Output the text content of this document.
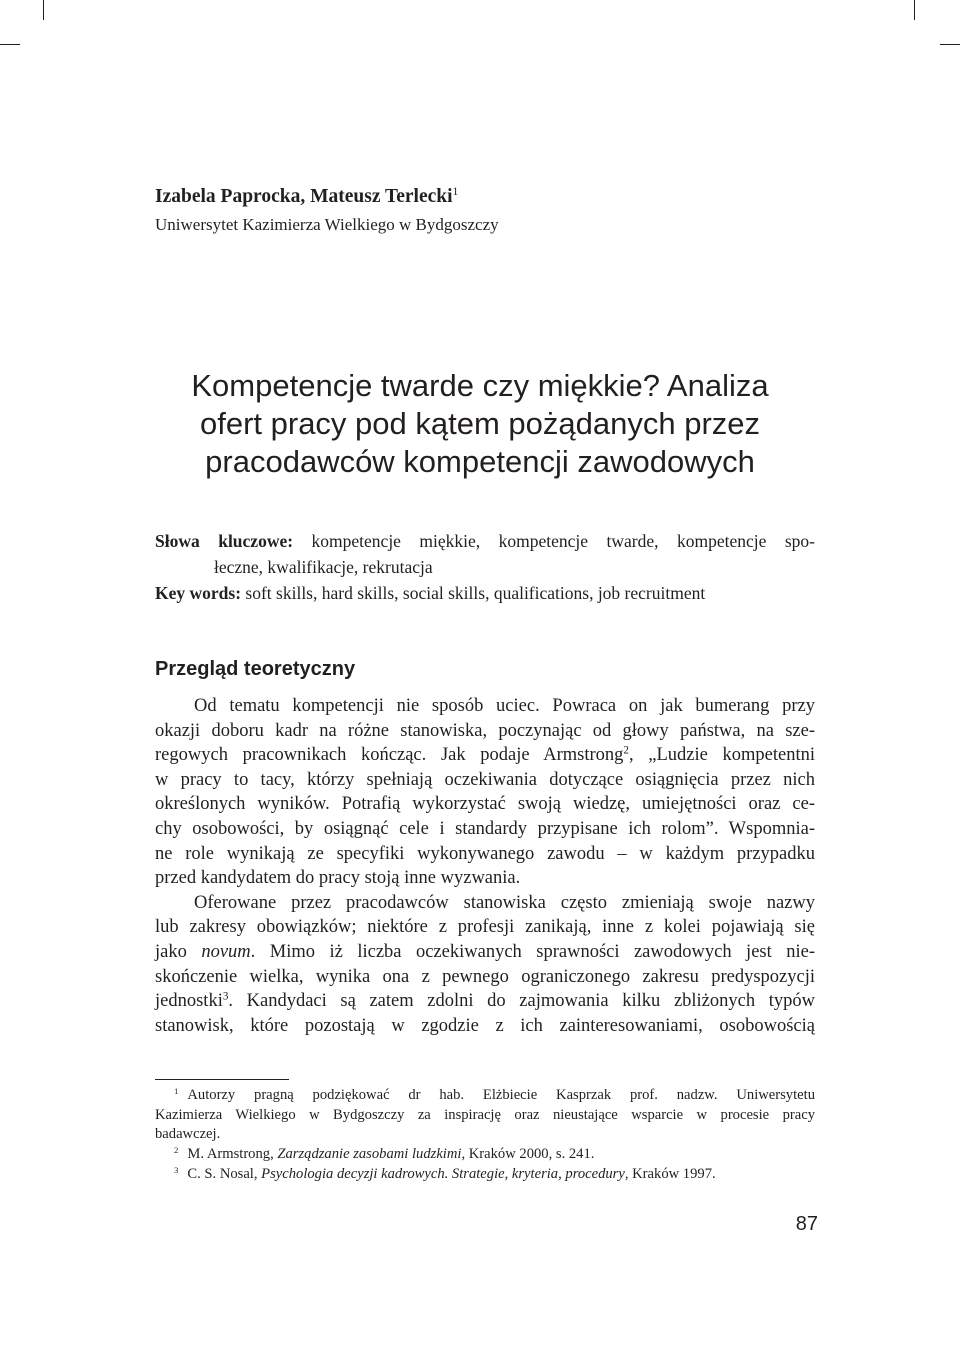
Izabela Paprocka, Mateusz Terlecki$^1$
Uniwersytet Kazimierza Wielkiego w Bydgoszczy
Kompetencje twarde czy miękkie? Analiza
ofert pracy pod kątem pożądanych przez
pracodawców kompetencji zawodowych
Słowa kluczowe: kompetencje miękkie, kompetencje twarde, kompetencje spo-
łeczne, kwalifikacje, rekrutacja
Key words: soft skills, hard skills, social skills, qualifications, job recruitment
Przegląd teoretyczny

Od tematu kompetencji nie sposób uciec. Powraca on jak bumerang przy
okazji doboru kadr na różne stanowiska, poczynając od głowy państwa, na sze-
regowych pracownikach kończąc. Jak podaje Armstrong$^2$, „Ludzie kompetentni
w pracy to tacy, którzy spełniają oczekiwania dotyczące osiągnięcia przez nich
określonych wyników. Potrafią wykorzystać swoją wiedzę, umiejętności oraz ce-
chy osobowości, by osiągnąć cele i standardy przypisane ich rolom”. Wspomnia-
ne role wynikają ze specyfiki wykonywanego zawodu – w każdym przypadku
przed kandydatem do pracy stoją inne wyzwania.

Oferowane przez pracodawców stanowiska często zmieniają swoje nazwy
lub zakresy obowiązków; niektóre z profesji zanikają, inne z kolei pojawiają się
jako novum. Mimo iż liczba oczekiwanych sprawności zawodowych jest nie-
skończenie wielka, wynika ona z pewnego ograniczonego zakresu predyspozycji
jednostki$^3$. Kandydaci są zatem zdolni do zajmowania kilku zbliżonych typów
stanowisk, które pozostają w zgodzie z ich zainteresowaniami, osobowością

$^1$ Autorzy pragną podziękować dr hab. Elżbiecie Kasprzak prof. nadzw. Uniwersytetu
Kazimierza Wielkiego w Bydgoszczy za inspirację oraz nieustające wsparcie w procesie pracy
badawczej.

$^2$ M. Armstrong, Zarządzanie zasobami ludzkimi, Kraków 2000, s. 241.

$^3$ C. S. Nosal, Psychologia decyzji kadrowych. Strategie, kryteria, procedury, Kraków 1997.

87
